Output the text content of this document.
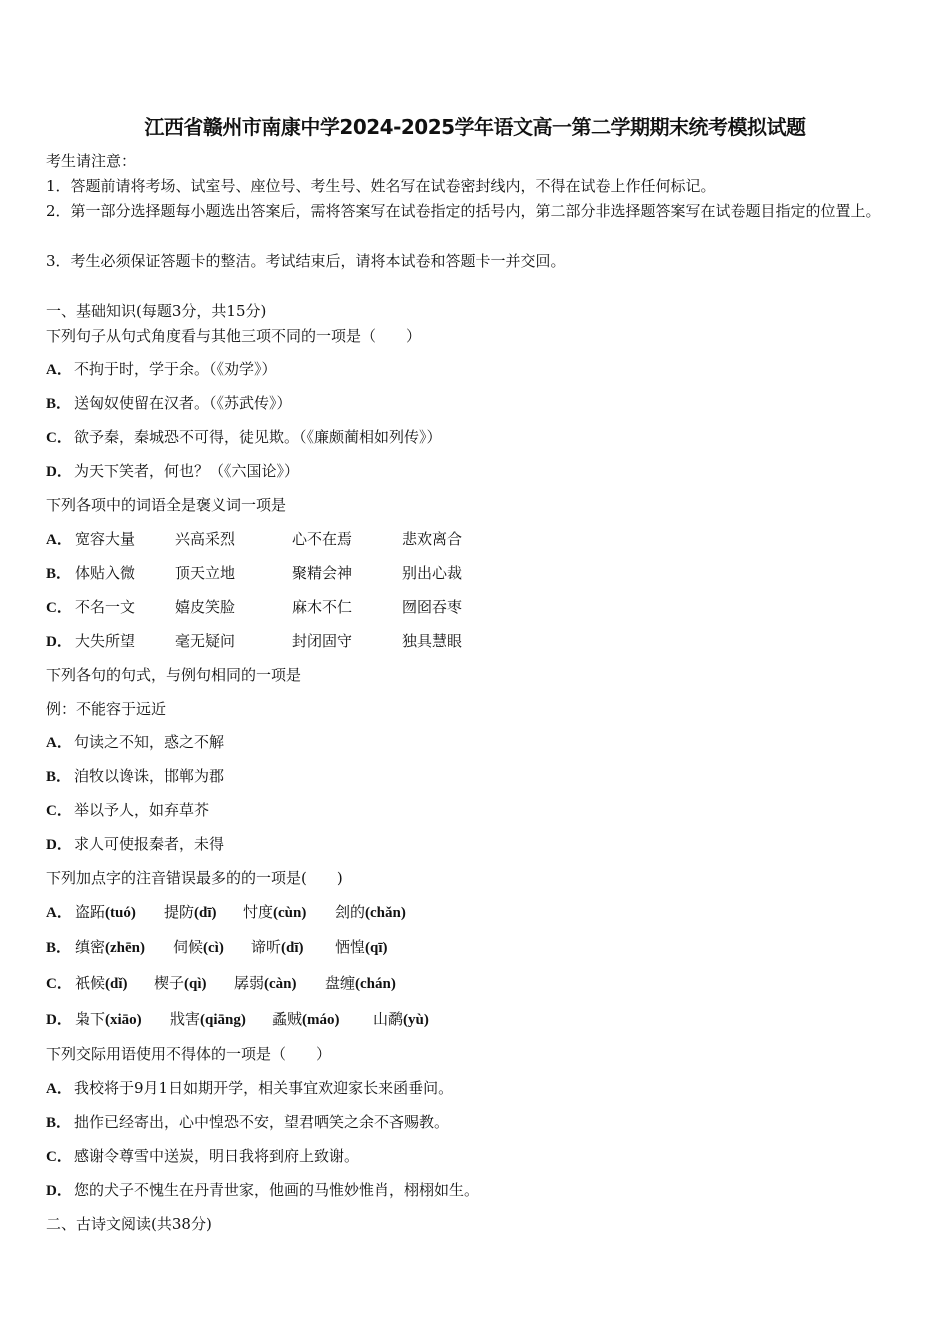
江西省赣州市南康中学2024-2025学年语文高一第二学期期末统考模拟试题
考生请注意：
1．答题前请将考场、试室号、座位号、考生号、姓名写在试卷密封线内，不得在试卷上作任何标记。
2．第一部分选择题每小题选出答案后，需将答案写在试卷指定的括号内，第二部分非选择题答案写在试卷题目指定的位置上。
3．考生必须保证答题卡的整洁。考试结束后，请将本试卷和答题卡一并交回。
一、基础知识(每题3分，共15分)
下列句子从句式角度看与其他三项不同的一项是（　　）
A． 不拘于时，学于余。（《劝学》）
B． 送匈奴使留在汉者。（《苏武传》）
C． 欲予秦，秦城恐不可得，徒见欺。（《廉颇蔺相如列传》）
D． 为天下笑者，何也？（《六国论》）
下列各项中的词语全是褒义词一项是
A． 宽容大量	兴高采烈	心不在焉	悲欢离合
B． 体贴入微	顶天立地	聚精会神	别出心裁
C． 不名一文	嬉皮笑脸	麻木不仁	囫囵吞枣
D． 大失所望	毫无疑问	封闭固守	独具慧眼
下列各句的句式，与例句相同的一项是
例：不能容于远近
A． 句读之不知，惑之不解
B． 洎牧以谗诛，邯郸为郡
C． 举以予人，如弃草芥
D． 求人可使报秦者，未得
下列加点字的注音错误最多的的一项是(　　)
A． 盗跖(tuó) 提防(dī) 忖度(cùn) 刽的(chǎn)
B． 缜密(zhēn) 伺候(cì) 谛听(dī) 恓惶(qī)
C． 祇候(dǐ) 楔子(qì) 孱弱(càn) 盘缠(chán)
D． 枭下(xiāo) 戕害(qiāng) 蟊贼(máo) 山鹬(yù)
下列交际用语使用不得体的一项是（　　）
A． 我校将于9月1日如期开学，相关事宜欢迎家长来函垂问。
B． 拙作已经寄出，心中惶恐不安，望君哂笑之余不吝赐教。
C． 感谢令尊雪中送炭，明日我将到府上致谢。
D． 您的犬子不愧生在丹青世家，他画的马惟妙惟肖，栩栩如生。
二、古诗文阅读(共38分)
